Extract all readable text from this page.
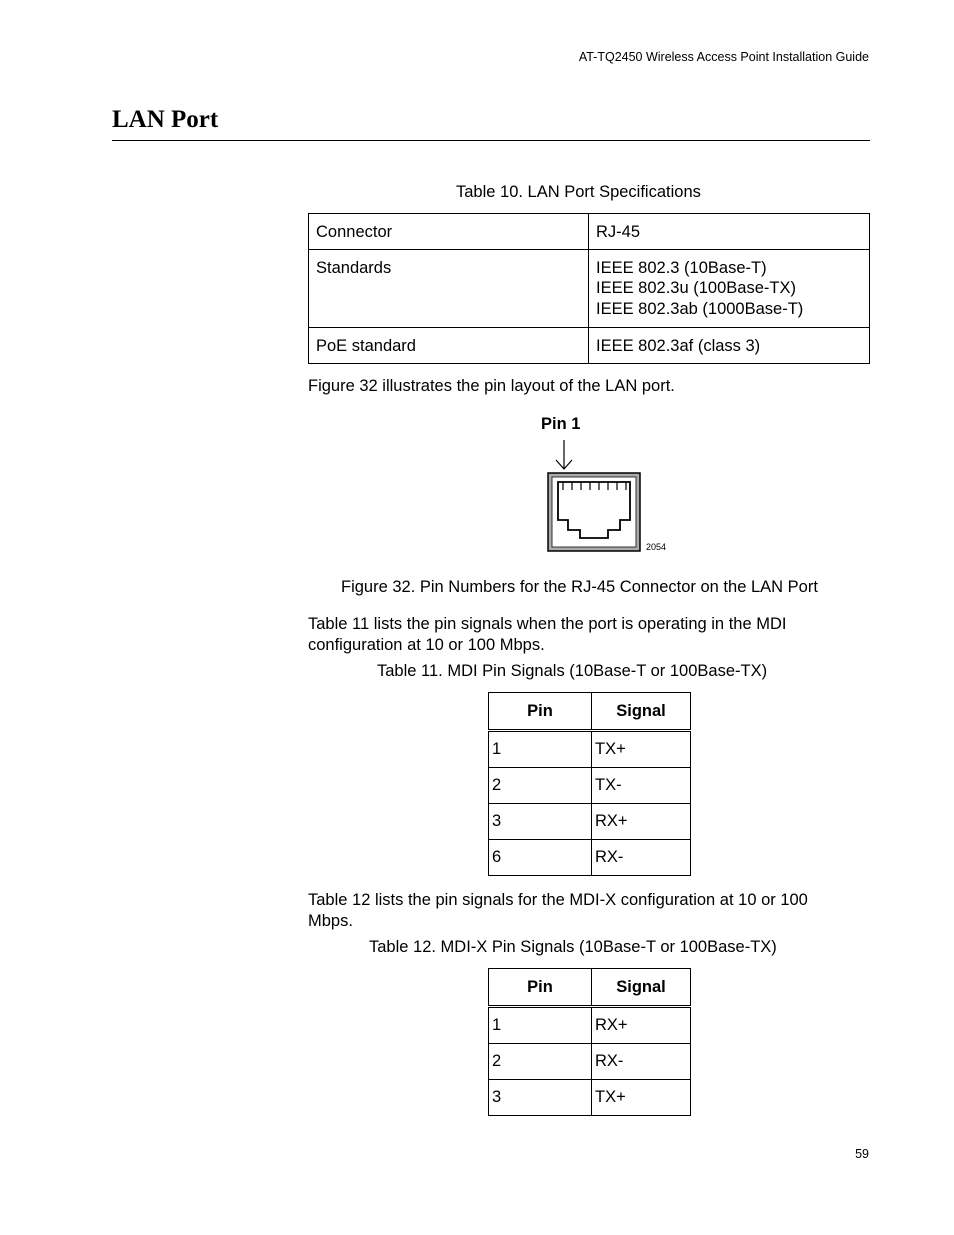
AT-TQ2450 Wireless Access Point Installation Guide
LAN Port
Table 10. LAN Port Specifications
Connector	RJ-45

Standards	IEEE 802.3 (10Base-T)
IEEE 802.3u (100Base-TX)
IEEE 802.3ab (1000Base-T)

PoE standard	IEEE 802.3af (class 3)
Figure 32 illustrates the pin layout of the LAN port.
Pin 1
2054
Figure 32. Pin Numbers for the RJ-45 Connector on the LAN Port
Table 11 lists the pin signals when the port is operating in the MDI configuration at 10 or 100 Mbps.
Table 11. MDI Pin Signals (10Base-T or 100Base-TX)
Pin	Signal
1	TX+
2	TX-
3	RX+
6	RX-
Table 12 lists the pin signals for the MDI-X configuration at 10 or 100 Mbps.
Table 12. MDI-X Pin Signals (10Base-T or 100Base-TX)
Pin	Signal
1	RX+
2	RX-
3	TX+
59
